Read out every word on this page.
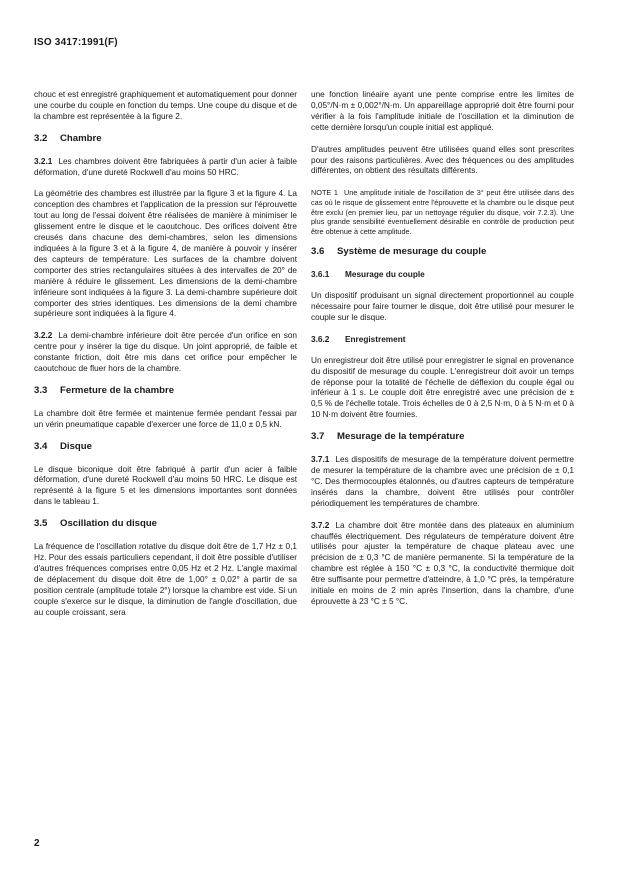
ISO 3417:1991(F)

chouc et est enregistré graphiquement et automatiquement pour donner une courbe du couple en fonction du temps. Une coupe du disque et de la chambre est représentée à la figure 2.

3.2 Chambre

3.2.1 Les chambres doivent être fabriquées à partir d'un acier à faible déformation, d'une dureté Rockwell d'au moins 50 HRC.

La géométrie des chambres est illustrée par la figure 3 et la figure 4. La conception des chambres et l'application de la pression sur l'éprouvette tout au long de l'essai doivent être réalisées de manière à minimiser le glissement entre le disque et le caoutchouc. Des orifices doivent être creusés dans chacune des demi-chambres, selon les dimensions indiquées à la figure 3 et à la figure 4, de manière à pouvoir y insérer des capteurs de température. Les surfaces de la chambre doivent comporter des stries rectangulaires situées à des intervalles de 20° de manière à réduire le glissement. Les dimensions de la demi-chambre inférieure sont indiquées à la figure 3. La demi-chambre supérieure doit comporter des stries identiques. Les dimensions de la demi chambre supérieure sont indiquées à la figure 4.

3.2.2 La demi-chambre inférieure doit être percée d'un orifice en son centre pour y insérer la tige du disque. Un joint approprié, de faible et constante friction, doit être mis dans cet orifice pour empêcher le caoutchouc de fluer hors de la chambre.

3.3 Fermeture de la chambre

La chambre doit être fermée et maintenue fermée pendant l'essai par un vérin pneumatique capable d'exercer une force de 11,0 ± 0,5 kN.

3.4 Disque

Le disque biconique doit être fabriqué à partir d'un acier à faible déformation, d'une dureté Rockwell d'au moins 50 HRC. Le disque est représenté à la figure 5 et les dimensions importantes sont données dans le tableau 1.

3.5 Oscillation du disque

La fréquence de l'oscillation rotative du disque doit être de 1,7 Hz ± 0,1 Hz. Pour des essais particuliers cependant, il doit être possible d'utiliser d'autres fréquences comprises entre 0,05 Hz et 2 Hz. L'angle maximal de déplacement du disque doit être de 1,00° ± 0,02° à partir de sa position centrale (amplitude totale 2°) lorsque la chambre est vide. Si un couple s'exerce sur le disque, la diminution de l'angle d'oscillation, due au couple croissant, sera

une fonction linéaire ayant une pente comprise entre les limites de 0,05°/N·m ± 0,002°/N·m. Un appareillage approprié doit être fourni pour vérifier à la fois l'amplitude initiale de l'oscillation et la diminution de cette dernière lorsqu'un couple initial est appliqué.

D'autres amplitudes peuvent être utilisées quand elles sont prescrites pour des raisons particulières. Avec des fréquences ou des amplitudes différentes, on obtient des résultats différents.

NOTE 1 Une amplitude initiale de l'oscillation de 3° peut être utilisée dans des cas où le risque de glissement entre l'éprouvette et la chambre ou le disque peut être exclu (en premier lieu, par un nettoyage régulier du disque, voir 7.2.3). Une plus grande sensibilité éventuellement désirable en contrôle de production peut être obtenue à cette amplitude.

3.6 Système de mesurage du couple
3.6.1 Mesurage du couple

Un dispositif produisant un signal directement proportionnel au couple nécessaire pour faire tourner le disque, doit être utilisé pour mesurer le couple sur le disque.

3.6.2 Enregistrement

Un enregistreur doit être utilisé pour enregistrer le signal en provenance du dispositif de mesurage du couple. L'enregistreur doit avoir un temps de réponse pour la totalité de l'échelle de déflexion du couple égal ou inférieur à 1 s. Le couple doit être enregistré avec une précision de ± 0,5 % de l'échelle totale. Trois échelles de 0 à 2,5 N·m, 0 à 5 N·m et 0 à 10 N·m doivent être fournies.

3.7 Mesurage de la température

3.7.1 Les dispositifs de mesurage de la température doivent permettre de mesurer la température de la chambre avec une précision de ± 0,1 °C. Des thermocouples étalonnés, ou d'autres capteurs de température insérés dans la chambre, doivent être utilisés pour contrôler périodiquement les températures de chambre.

3.7.2 La chambre doit être montée dans des plateaux en aluminium chauffés électriquement. Des régulateurs de température doivent être utilisés pour ajuster la température de chaque plateau avec une précision de ± 0,3 °C de manière permanente. Si la température de la chambre est réglée à 150 °C ± 0,3 °C, la conductivité thermique doit être suffisante pour permettre d'atteindre, à 1,0 °C près, la température initiale en moins de 2 min après l'insertion, dans la chambre, d'une éprouvette à 23 °C ± 5 °C.

2
